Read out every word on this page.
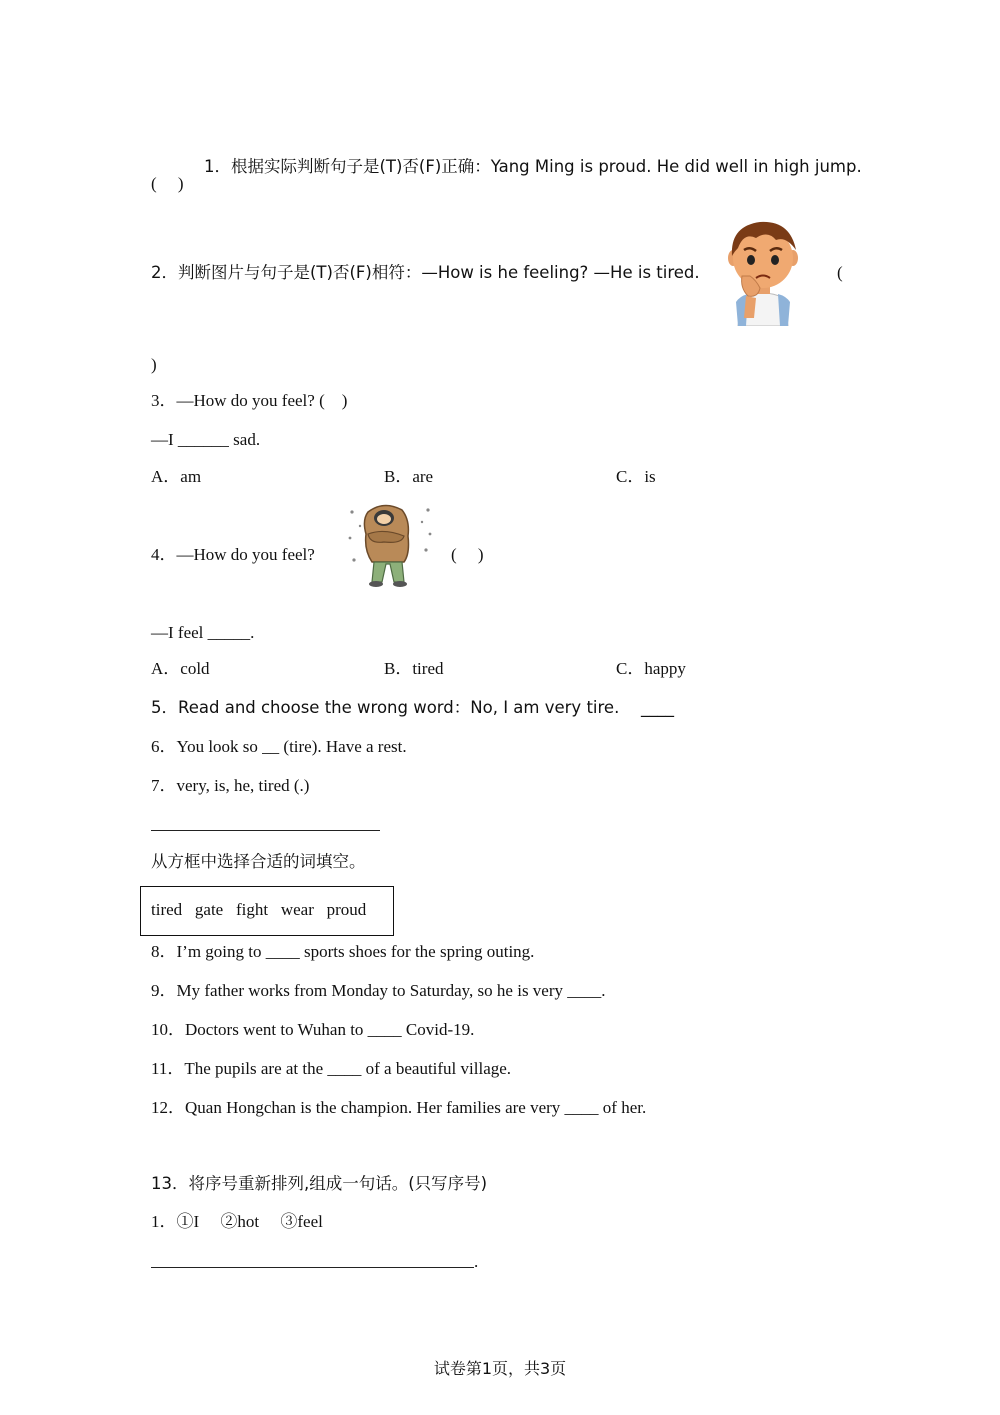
1．根据实际判断句子是(T)否(F)正确：Yang Ming is proud. He did well in high jump.

(　 )
2．判断图片与句子是(T)否(F)相符：—How is he feeling? —He is tired.	(
)
3．—How do you feel? (　)
—I ______ sad.
A．am	B．are	C．is
4．—How do you feel?	(　 )
—I feel _____.
A．cold	B．tired	C．happy
5．Read and choose the wrong word：No, I am very tire.　 ____
6．You look so __ (tire). Have a rest.
7．very, is, he, tired (.)
从方框中选择合适的词填空。
tired   gate   fight   wear   proud
8．I’m going to ____ sports shoes for the spring outing.
9．My father works from Monday to Saturday, so he is very ____.
10．Doctors went to Wuhan to ____ Covid-19.
11．The pupils are at the ____ of a beautiful village.
12．Quan Hongchan is the champion. Her families are very ____ of her.
13．将序号重新排列,组成一句话。(只写序号)
1．①I　 ②hot　 ③feel
.
试卷第1页，共3页
